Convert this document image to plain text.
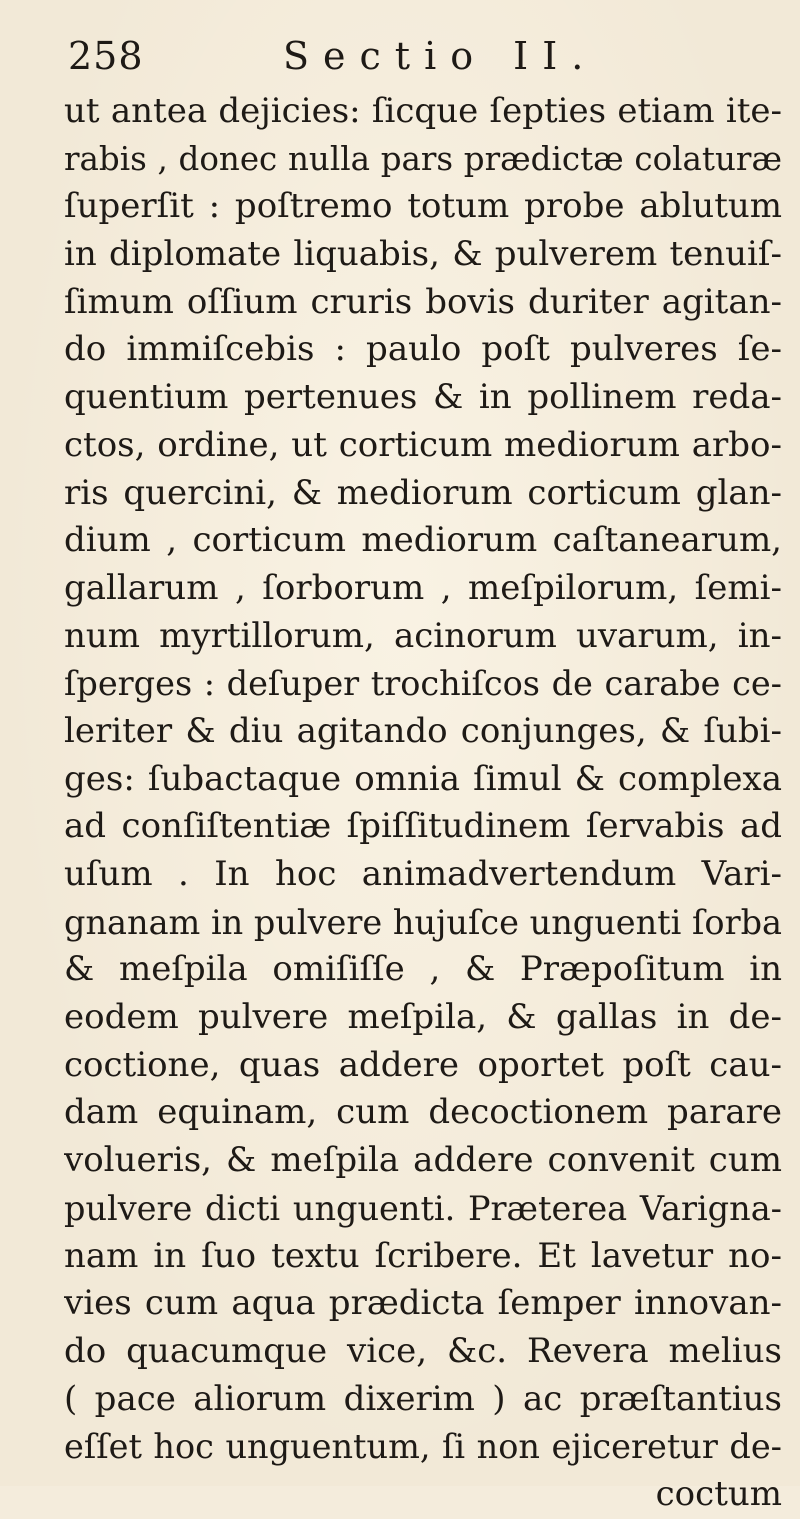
258	Sectio II.
ut antea dejicies: ſicque ſepties etiam ite-
rabis , donec nulla pars prædictæ colaturæ
ſuperſit : poſtremo totum probe ablutum
in diplomate liquabis, & pulverem tenuiſ-
ſimum oſſium cruris bovis duriter agitan-
do immiſcebis : paulo poſt pulveres ſe-
quentium pertenues & in pollinem reda-
ctos, ordine, ut corticum mediorum arbo-
ris quercini, & mediorum corticum glan-
dium , corticum mediorum caſtanearum,
gallarum , ſorborum , meſpilorum, ſemi-
num myrtillorum, acinorum uvarum, in-
ſperges : deſuper trochiſcos de carabe ce-
leriter & diu agitando conjunges, & ſubi-
ges: ſubactaque omnia ſimul & complexa
ad conſiſtentiæ ſpiſſitudinem ſervabis ad
uſum . In hoc animadvertendum Vari-
gnanam in pulvere hujuſce unguenti ſorba
& meſpila omiſiſſe , & Præpoſitum in
eodem pulvere meſpila, & gallas in de-
coctione, quas addere oportet poſt cau-
dam equinam, cum decoctionem parare
volueris, & meſpila addere convenit cum
pulvere dicti unguenti. Præterea Varigna-
nam in ſuo textu ſcribere. Et lavetur no-
vies cum aqua prædicta ſemper innovan-
do quacumque vice, &c. Revera melius
( pace aliorum dixerim ) ac præſtantius
eſſet hoc unguentum, ſi non ejiceretur de-
coctum
